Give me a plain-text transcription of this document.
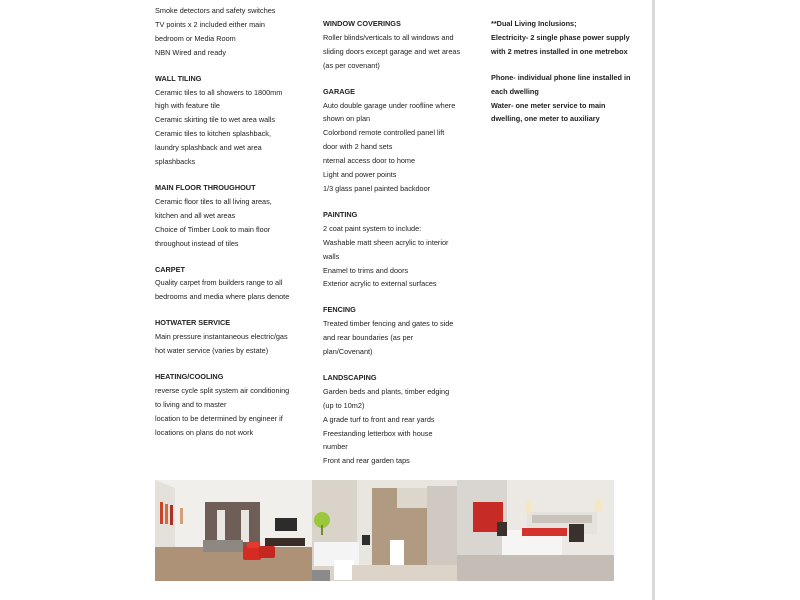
Smoke detectors and safety switches
TV points x 2 included either main
bedroom or Media Room
NBN Wired and ready
WALL TILING
Ceramic tiles to all showers to 1800mm
high with feature tile
Ceramic skirting tile to wet area walls
Ceramic tiles to kitchen splashback,
laundry splashback and wet area
splashbacks
MAIN FLOOR THROUGHOUT
Ceramic floor tiles to all living areas,
kitchen and all wet areas
Choice of Timber Look to main floor
throughout instead of tiles
CARPET
Quality carpet from builders range to all
bedrooms and media where plans denote
HOTWATER SERVICE
Main pressure instantaneous electric/gas
hot water service (varies by estate)
HEATING/COOLING
reverse cycle split system air conditioning
to living and to master
location to be determined by engineer if
locations on plans do not work
WINDOW COVERINGS
Roller blinds/verticals to all windows and
sliding doors except garage and wet areas
(as per covenant)
GARAGE
Auto double garage under roofline where
shown on plan
Colorbond remote controlled panel lift
door with 2 hand sets
nternal access door to home
Light and power points
1/3 glass panel painted backdoor
PAINTING
2 coat paint system to include:
Washable matt sheen acrylic to interior
walls
Enamel to trims and doors
Exterior acrylic to external surfaces
FENCING
Treated timber fencing and gates to side
and rear boundaries (as per
plan/Covenant)
LANDSCAPING
Garden beds and plants, timber edging
(up to 10m2)
A grade turf to front and rear yards
Freestanding letterbox with house
number
Front and rear garden taps
**Dual Living Inclusions;
Electricity- 2 single phase power supply
with 2 metres installed in one metrebox
Phone- individual phone line installed in
each dwelling
Water- one meter service to main
dwelling, one meter to auxiliary
